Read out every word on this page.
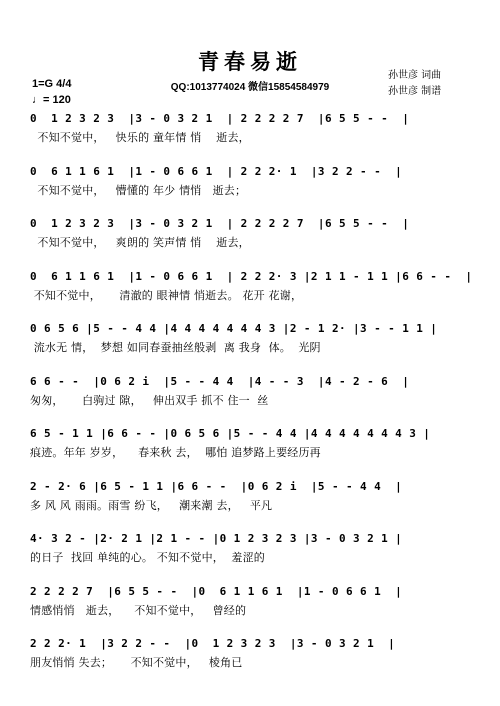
青春易逝
QQ:1013774024 微信15854584979
孙世彦 词曲
孙世彦 制谱
1=G 4/4
♩= 120
0  1 2 3 2 3  |3 - 0 3 2 1  | 2 2 2 2 7  |6 5 5 - -  |
不知不觉中，   快乐的 童年情 悄    逝去，
0  6 1 1 6 1  |1 - 0 6 6 1  | 2 2 2· 1  |3 2 2 - -  |
不知不觉中，   懵懂的 年少 情悄   逝去；
0  1 2 3 2 3  |3 - 0 3 2 1  | 2 2 2 2 7  |6 5 5 - -  |
不知不觉中，   爽朗的 笑声情 悄    逝去，
0  6 1 1 6 1  |1 - 0 6 6 1  | 2 2 2· 3 |2 1 1 - 1 1 |6 6 - -  |
不知不觉中，     清澈的 眼神情 悄逝去。 花开 花谢，
0 6 5 6 |5 - - 4 4 |4 4 4 4 4 4 4 3 |2 - 1 2· |3 - - 1 1 |
流水无 情，  梦想 如同春蚕抽丝般剥  离 我身  体。  光阴
6 6 - -  |0 6 2 i  |5 - - 4 4  |4 - - 3  |4 - 2 - 6  |
匆匆，     白驹过 隙，   伸出双手 抓不 住一  丝
6 5 - 1 1 |6 6 - - |0 6 5 6 |5 - - 4 4 |4 4 4 4 4 4 4 3 |
痕迹。年年 岁岁，    春来秋 去，  哪怕 追梦路上要经历再
2 - 2· 6 |6 5 - 1 1 |6 6 - -  |0 6 2 i  |5 - - 4 4  |
多 风 风 雨雨。雨雪 纷飞，   潮来潮 去，   平凡
4· 3 2 - |2· 2 1 |2 1 - - |0 1 2 3 2 3 |3 - 0 3 2 1 |
的日子  找回 单纯的心。 不知不觉中，  羞涩的
2 2 2 2 7  |6 5 5 - -  |0  6 1 1 6 1  |1 - 0 6 6 1  |
情感悄悄   逝去，    不知不觉中，   曾经的
2 2 2· 1  |3 2 2 - -  |0  1 2 3 2 3  |3 - 0 3 2 1  |
朋友悄悄 失去；     不知不觉中，   棱角已
